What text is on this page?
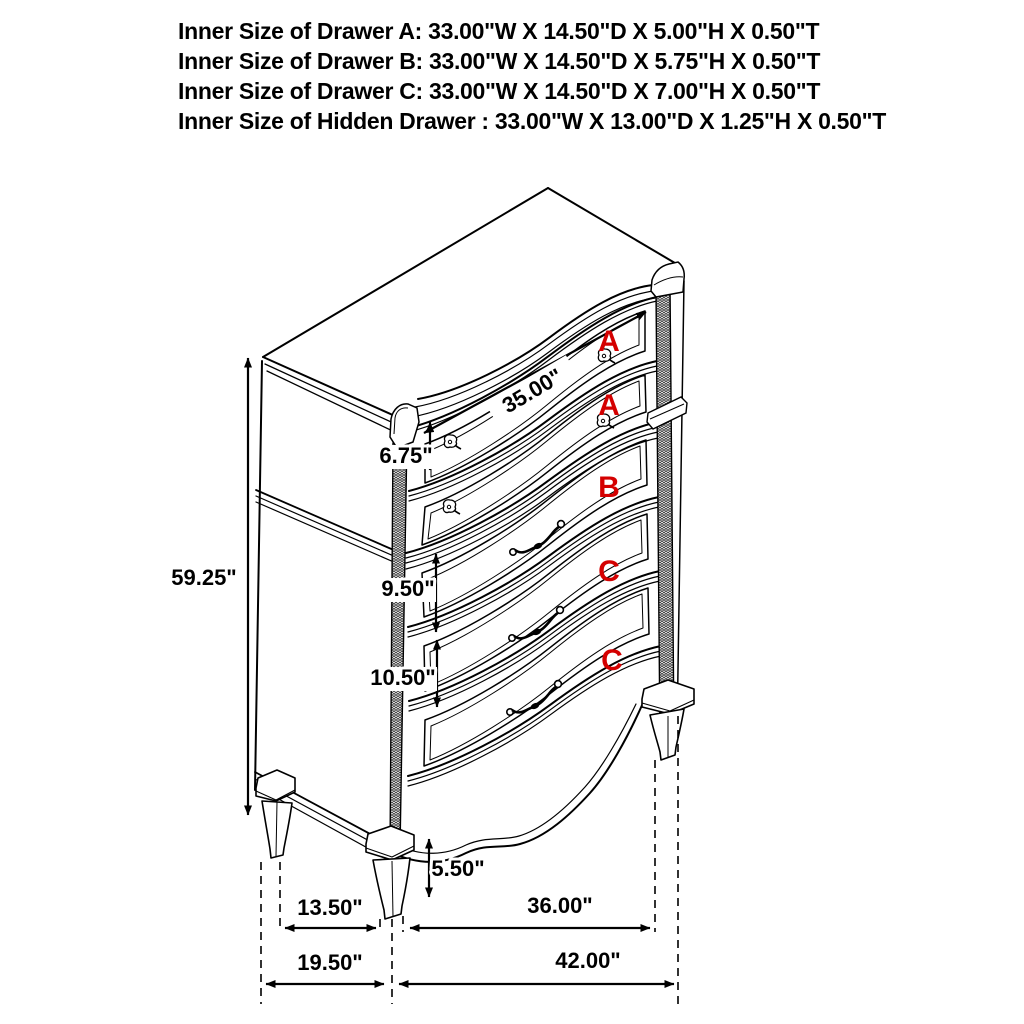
Inner Size of Drawer A: 33.00"W X 14.50"D X 5.00"H X 0.50"T
Inner Size of Drawer B: 33.00"W X 14.50"D X 5.75"H X 0.50"T
Inner Size of Drawer C: 33.00"W X 14.50"D X 7.00"H X 0.50"T
Inner Size of Hidden Drawer : 33.00"W X 13.00"D X 1.25"H X 0.50"T
59.25"
35.00"
6.75"
9.50"
10.50"
5.50"
13.50"	36.00"
19.50"	42.00"
A
A
B
C
C
